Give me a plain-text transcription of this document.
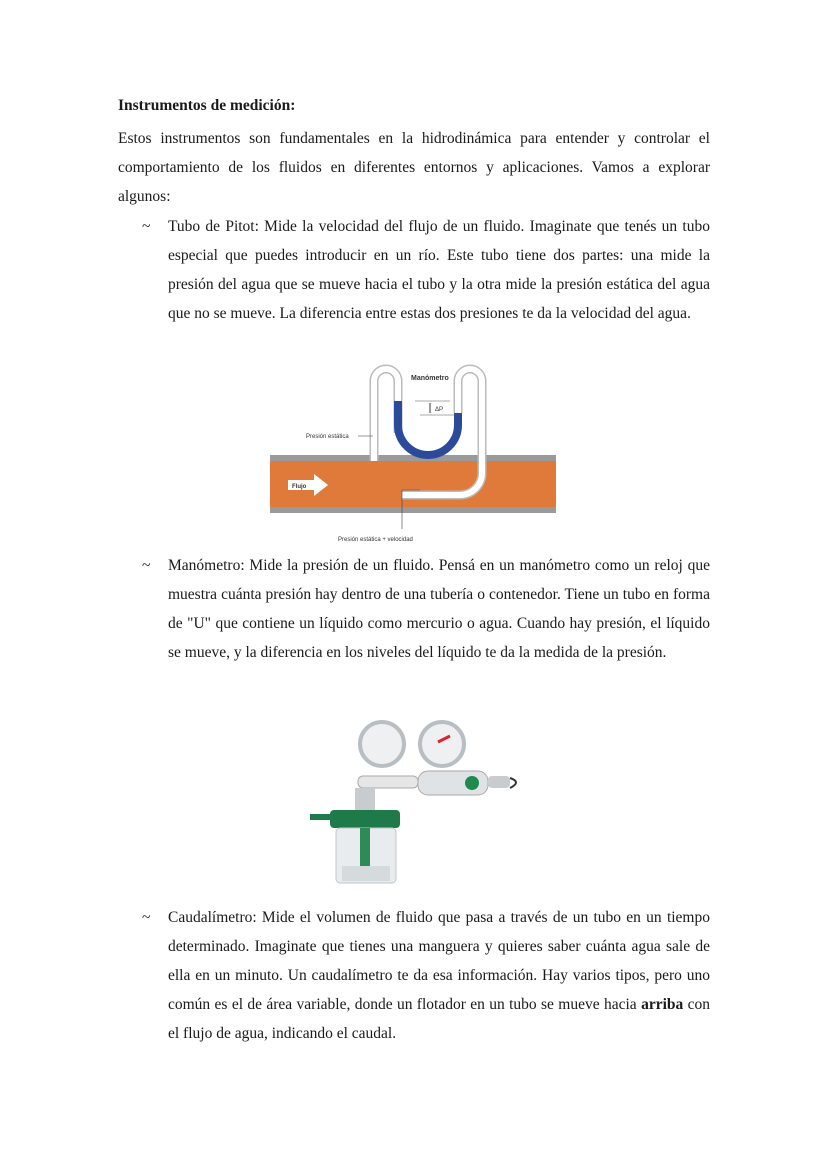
Instrumentos de medición:
Estos instrumentos son fundamentales en la hidrodinámica para entender y controlar el comportamiento de los fluidos en diferentes entornos y aplicaciones. Vamos a explorar algunos:
~ Tubo de Pitot: Mide la velocidad del flujo de un fluido. Imaginate que tenés un tubo especial que puedes introducir en un río. Este tubo tiene dos partes: una mide la presión del agua que se mueve hacia el tubo y la otra mide la presión estática del agua que no se mueve. La diferencia entre estas dos presiones te da la velocidad del agua.
Manómetro
ΔP
Presión estática
Flujo
Presión estática + velocidad
~ Manómetro: Mide la presión de un fluido. Pensá en un manómetro como un reloj que muestra cuánta presión hay dentro de una tubería o contenedor. Tiene un tubo en forma de "U" que contiene un líquido como mercurio o agua. Cuando hay presión, el líquido se mueve, y la diferencia en los niveles del líquido te da la medida de la presión.
~ Caudalímetro: Mide el volumen de fluido que pasa a través de un tubo en un tiempo determinado. Imaginate que tienes una manguera y quieres saber cuánta agua sale de ella en un minuto. Un caudalímetro te da esa información. Hay varios tipos, pero uno común es el de área variable, donde un flotador en un tubo se mueve hacia arriba con el flujo de agua, indicando el caudal.
